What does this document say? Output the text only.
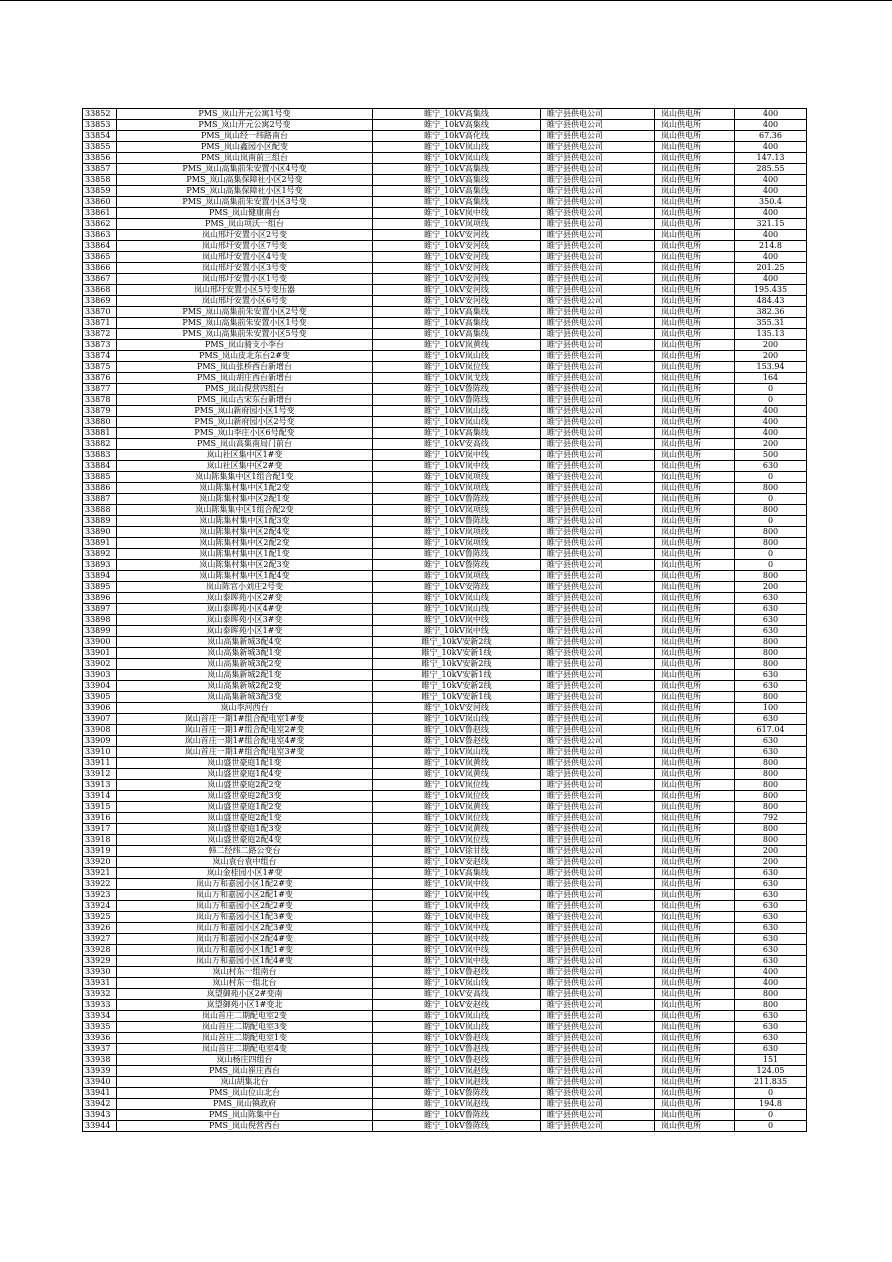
33852	PMS_岚山开元公寓1号变	睢宁_10kV高集线	睢宁县供电公司	岚山供电所	400
33853	PMS_岚山开元公寓2号变	睢宁_10kV高集线	睢宁县供电公司	岚山供电所	400
33854	PMS_岚山经一纬路南台	睢宁_10kV高化线	睢宁县供电公司	岚山供电所	67.36
33855	PMS_岚山鑫园小区配变	睢宁_10kV岚山线	睢宁县供电公司	岚山供电所	400
33856	PMS_岚山岚南前三组台	睢宁_10kV岚山线	睢宁县供电公司	岚山供电所	147.13
33857	PMS_岚山高集前朱安置小区4号变	睢宁_10kV高集线	睢宁县供电公司	岚山供电所	285.55
33858	PMS_岚山高集保障社小区2号变	睢宁_10kV高集线	睢宁县供电公司	岚山供电所	400
33859	PMS_岚山高集保障社小区1号变	睢宁_10kV高集线	睢宁县供电公司	岚山供电所	400
33860	PMS_岚山高集前朱安置小区3号变	睢宁_10kV高集线	睢宁县供电公司	岚山供电所	350.4
33861	PMS_岚山健康南台	睢宁_10kV岚中线	睢宁县供电公司	岚山供电所	400
33862	PMS_岚山项沃一组台	睢宁_10kV岚项线	睢宁县供电公司	岚山供电所	321.15
33863	岚山邢圩安置小区2号变	睢宁_10kV安河线	睢宁县供电公司	岚山供电所	400
33864	岚山邢圩安置小区7号变	睢宁_10kV安河线	睢宁县供电公司	岚山供电所	214.8
33865	岚山邢圩安置小区4号变	睢宁_10kV安河线	睢宁县供电公司	岚山供电所	400
33866	岚山邢圩安置小区3号变	睢宁_10kV安河线	睢宁县供电公司	岚山供电所	201.25
33867	岚山邢圩安置小区1号变	睢宁_10kV安河线	睢宁县供电公司	岚山供电所	400
33868	岚山邢圩安置小区5号变压器	睢宁_10kV安河线	睢宁县供电公司	岚山供电所	195.435
33869	岚山邢圩安置小区6号变	睢宁_10kV安河线	睢宁县供电公司	岚山供电所	484.43
33870	PMS_岚山高集前朱安置小区2号变	睢宁_10kV高集线	睢宁县供电公司	岚山供电所	382.36
33871	PMS_岚山高集前朱安置小区1号变	睢宁_10kV高集线	睢宁县供电公司	岚山供电所	355.31
33872	PMS_岚山高集前朱安置小区5号变	睢宁_10kV高集线	睢宁县供电公司	岚山供电所	135.13
33873	PMS_岚山骑支小李台	睢宁_10kV岚黄线	睢宁县供电公司	岚山供电所	200
33874	PMS_岚山皮北东台2#变	睢宁_10kV岚山线	睢宁县供电公司	岚山供电所	200
33875	PMS_岚山张桥西台新增台	睢宁_10kV岚位线	睢宁县供电公司	岚山供电所	153.94
33876	PMS_岚山胡庄西台新增台	睢宁_10kV岚戈线	睢宁县供电公司	岚山供电所	164
33877	PMS_岚山倪营四组台	睢宁_10kV鲁陈线	睢宁县供电公司	岚山供电所	0
33878	PMS_岚山古宋东台新增台	睢宁_10kV鲁陈线	睢宁县供电公司	岚山供电所	0
33879	PMS_岚山新府园小区1号变	睢宁_10kV岚山线	睢宁县供电公司	岚山供电所	400
33880	PMS_岚山新府园小区2号变	睢宁_10kV岚山线	睢宁县供电公司	岚山供电所	400
33881	PMS_岚山李庄小区6号配变	睢宁_10kV高集线	睢宁县供电公司	岚山供电所	400
33882	PMS_岚山高集南局门前台	睢宁_10kV安高线	睢宁县供电公司	岚山供电所	200
33883	岚山社区集中区1#变	睢宁_10kV岚中线	睢宁县供电公司	岚山供电所	500
33884	岚山社区集中区2#变	睢宁_10kV岚中线	睢宁县供电公司	岚山供电所	630
33885	岚山陈集集中区1组合配1变	睢宁_10kV岚项线	睢宁县供电公司	岚山供电所	0
33886	岚山陈集村集中区1配2变	睢宁_10kV岚项线	睢宁县供电公司	岚山供电所	800
33887	岚山陈集村集中区2配1变	睢宁_10kV鲁陈线	睢宁县供电公司	岚山供电所	0
33888	岚山陈集集中区1组合配2变	睢宁_10kV岚项线	睢宁县供电公司	岚山供电所	800
33889	岚山陈集村集中区1配3变	睢宁_10kV鲁陈线	睢宁县供电公司	岚山供电所	0
33890	岚山陈集村集中区2配4变	睢宁_10kV岚项线	睢宁县供电公司	岚山供电所	800
33891	岚山陈集村集中区2配2变	睢宁_10kV岚项线	睢宁县供电公司	岚山供电所	800
33892	岚山陈集村集中区1配1变	睢宁_10kV鲁陈线	睢宁县供电公司	岚山供电所	0
33893	岚山陈集村集中区2配3变	睢宁_10kV鲁陈线	睢宁县供电公司	岚山供电所	0
33894	岚山陈集村集中区1配4变	睢宁_10kV岚项线	睢宁县供电公司	岚山供电所	800
33895	岚山陈官小刘庄2号变	睢宁_10kV安陈线	睢宁县供电公司	岚山供电所	200
33896	岚山泰晖苑小区2#变	睢宁_10kV岚山线	睢宁县供电公司	岚山供电所	630
33897	岚山泰晖苑小区4#变	睢宁_10kV岚山线	睢宁县供电公司	岚山供电所	630
33898	岚山泰晖苑小区3#变	睢宁_10kV岚中线	睢宁县供电公司	岚山供电所	630
33899	岚山泰晖苑小区1#变	睢宁_10kV岚中线	睢宁县供电公司	岚山供电所	630
33900	岚山高集新城3配4变	睢宁_10kV安新2线	睢宁县供电公司	岚山供电所	800
33901	岚山高集新城3配1变	睢宁_10kV安新1线	睢宁县供电公司	岚山供电所	800
33902	岚山高集新城3配2变	睢宁_10kV安新2线	睢宁县供电公司	岚山供电所	800
33903	岚山高集新城2配1变	睢宁_10kV安新1线	睢宁县供电公司	岚山供电所	630
33904	岚山高集新城2配2变	睢宁_10kV安新2线	睢宁县供电公司	岚山供电所	630
33905	岚山高集新城3配3变	睢宁_10kV安新1线	睢宁县供电公司	岚山供电所	800
33906	岚山李河西台	睢宁_10kV安河线	睢宁县供电公司	岚山供电所	100
33907	岚山首庄一期1#组合配电室1#变	睢宁_10kV岚山线	睢宁县供电公司	岚山供电所	630
33908	岚山首庄一期1#组合配电室2#变	睢宁_10kV鲁赵线	睢宁县供电公司	岚山供电所	617.04
33909	岚山首庄一期1#组合配电室4#变	睢宁_10kV鲁赵线	睢宁县供电公司	岚山供电所	630
33910	岚山首庄一期1#组合配电室3#变	睢宁_10kV岚山线	睢宁县供电公司	岚山供电所	630
33911	岚山盛世豪庭1配1变	睢宁_10kV岚黄线	睢宁县供电公司	岚山供电所	800
33912	岚山盛世豪庭1配4变	睢宁_10kV岚黄线	睢宁县供电公司	岚山供电所	800
33913	岚山盛世豪庭2配2变	睢宁_10kV岚位线	睢宁县供电公司	岚山供电所	800
33914	岚山盛世豪庭2配3变	睢宁_10kV岚位线	睢宁县供电公司	岚山供电所	800
33915	岚山盛世豪庭1配2变	睢宁_10kV岚黄线	睢宁县供电公司	岚山供电所	800
33916	岚山盛世豪庭2配1变	睢宁_10kV岚位线	睢宁县供电公司	岚山供电所	792
33917	岚山盛世豪庭1配3变	睢宁_10kV岚黄线	睢宁县供电公司	岚山供电所	800
33918	岚山盛世豪庭2配4变	睢宁_10kV岚位线	睢宁县供电公司	岚山供电所	800
33919	韩二经纬二路公变台	睢宁_10kV徐甘线	睢宁县供电公司	岚山供电所	200
33920	岚山袁台袁中组台	睢宁_10kV安赵线	睢宁县供电公司	岚山供电所	200
33921	岚山金桂园小区1#变	睢宁_10kV高集线	睢宁县供电公司	岚山供电所	630
33922	岚山万和嘉园小区1配2#变	睢宁_10kV岚中线	睢宁县供电公司	岚山供电所	630
33923	岚山万和嘉园小区2配1#变	睢宁_10kV岚中线	睢宁县供电公司	岚山供电所	630
33924	岚山万和嘉园小区2配2#变	睢宁_10kV岚中线	睢宁县供电公司	岚山供电所	630
33925	岚山万和嘉园小区1配3#变	睢宁_10kV岚中线	睢宁县供电公司	岚山供电所	630
33926	岚山万和嘉园小区2配3#变	睢宁_10kV岚中线	睢宁县供电公司	岚山供电所	630
33927	岚山万和嘉园小区2配4#变	睢宁_10kV岚中线	睢宁县供电公司	岚山供电所	630
33928	岚山万和嘉园小区1配1#变	睢宁_10kV岚中线	睢宁县供电公司	岚山供电所	630
33929	岚山万和嘉园小区1配4#变	睢宁_10kV岚中线	睢宁县供电公司	岚山供电所	630
33930	岚山村东一组南台	睢宁_10kV鲁赵线	睢宁县供电公司	岚山供电所	400
33931	岚山村东一组北台	睢宁_10kV岚山线	睢宁县供电公司	岚山供电所	400
33932	岚望御苑小区2#变南	睢宁_10kV安高线	睢宁县供电公司	岚山供电所	800
33933	岚望御苑小区1#变北	睢宁_10kV安赵线	睢宁县供电公司	岚山供电所	800
33934	岚山首庄二期配电室2变	睢宁_10kV岚山线	睢宁县供电公司	岚山供电所	630
33935	岚山首庄二期配电室3变	睢宁_10kV岚山线	睢宁县供电公司	岚山供电所	630
33936	岚山首庄二期配电室1变	睢宁_10kV鲁赵线	睢宁县供电公司	岚山供电所	630
33937	岚山首庄二期配电室4变	睢宁_10kV鲁赵线	睢宁县供电公司	岚山供电所	630
33938	岚山杨庄四组台	睢宁_10kV鲁赵线	睢宁县供电公司	岚山供电所	151
33939	PMS_岚山崔庄西台	睢宁_10kV岚赵线	睢宁县供电公司	岚山供电所	124.05
33940	岚山胡集北台	睢宁_10kV岚赵线	睢宁县供电公司	岚山供电所	211.835
33941	PMS_岚山位山北台	睢宁_10kV鲁陈线	睢宁县供电公司	岚山供电所	0
33942	PMS_岚山镇政府	睢宁_10kV岚赵线	睢宁县供电公司	岚山供电所	194.8
33943	PMS_岚山陈集中台	睢宁_10kV鲁陈线	睢宁县供电公司	岚山供电所	0
33944	PMS_岚山倪营西台	睢宁_10kV鲁陈线	睢宁县供电公司	岚山供电所	0
